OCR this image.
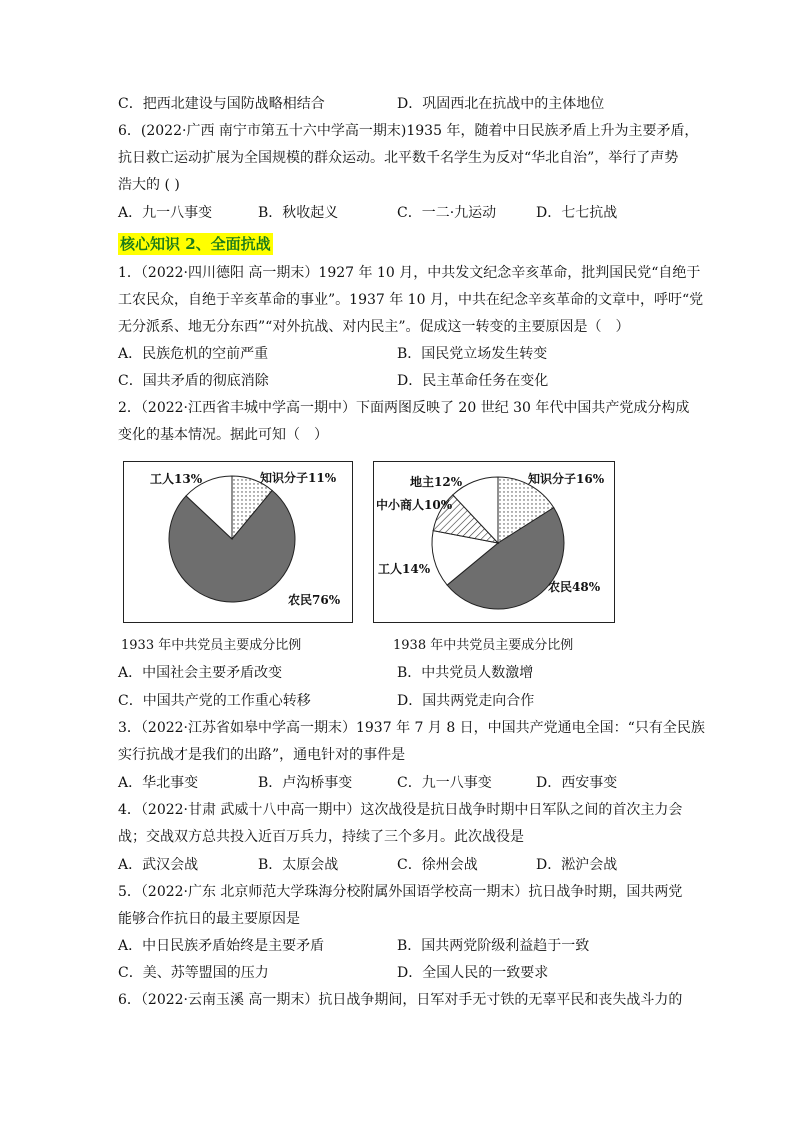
C．把西北建设与国防战略相结合	D．巩固西北在抗战中的主体地位
6．(2022·广西 南宁市第五十六中学高一期末)1935 年，随着中日民族矛盾上升为主要矛盾，
抗日救亡运动扩展为全国规模的群众运动。北平数千名学生为反对“华北自治”，举行了声势
浩大的 ( )
A．九一八事变	B．秋收起义	C．一二·九运动	D．七七抗战
核心知识 2、全面抗战
1．（2022·四川德阳 高一期末）1927 年 10 月，中共发文纪念辛亥革命，批判国民党“自绝于
工农民众，自绝于辛亥革命的事业”。1937 年 10 月，中共在纪念辛亥革命的文章中，呼吁“党
无分派系、地无分东西”“对外抗战、对内民主”。促成这一转变的主要原因是（　）
A．民族危机的空前严重	B．国民党立场发生转变
C．国共矛盾的彻底消除	D．民主革命任务在变化
2．（2022·江西省丰城中学高一期中）下面两图反映了 20 世纪 30 年代中国共产党成分构成
变化的基本情况。据此可知（　）
知识分子11%
农民76%
工人13%	知识分子16%
农民48%
工人14%
中小商人10%
地主12%
1933 年中共党员主要成分比例	1938 年中共党员主要成分比例
A．中国社会主要矛盾改变	B．中共党员人数激增
C．中国共产党的工作重心转移	D．国共两党走向合作
3．（2022·江苏省如皋中学高一期末）1937 年 7 月 8 日，中国共产党通电全国：“只有全民族
实行抗战才是我们的出路”，通电针对的事件是
A．华北事变	B．卢沟桥事变	C．九一八事变	D．西安事变
4．（2022·甘肃 武威十八中高一期中）这次战役是抗日战争时期中日军队之间的首次主力会
战；交战双方总共投入近百万兵力，持续了三个多月。此次战役是
A．武汉会战	B．太原会战	C．徐州会战	D．淞沪会战
5．（2022·广东 北京师范大学珠海分校附属外国语学校高一期末）抗日战争时期，国共两党
能够合作抗日的最主要原因是
A．中日民族矛盾始终是主要矛盾	B．国共两党阶级利益趋于一致
C．美、苏等盟国的压力	D．全国人民的一致要求
6．（2022·云南玉溪 高一期末）抗日战争期间，日军对手无寸铁的无辜平民和丧失战斗力的
